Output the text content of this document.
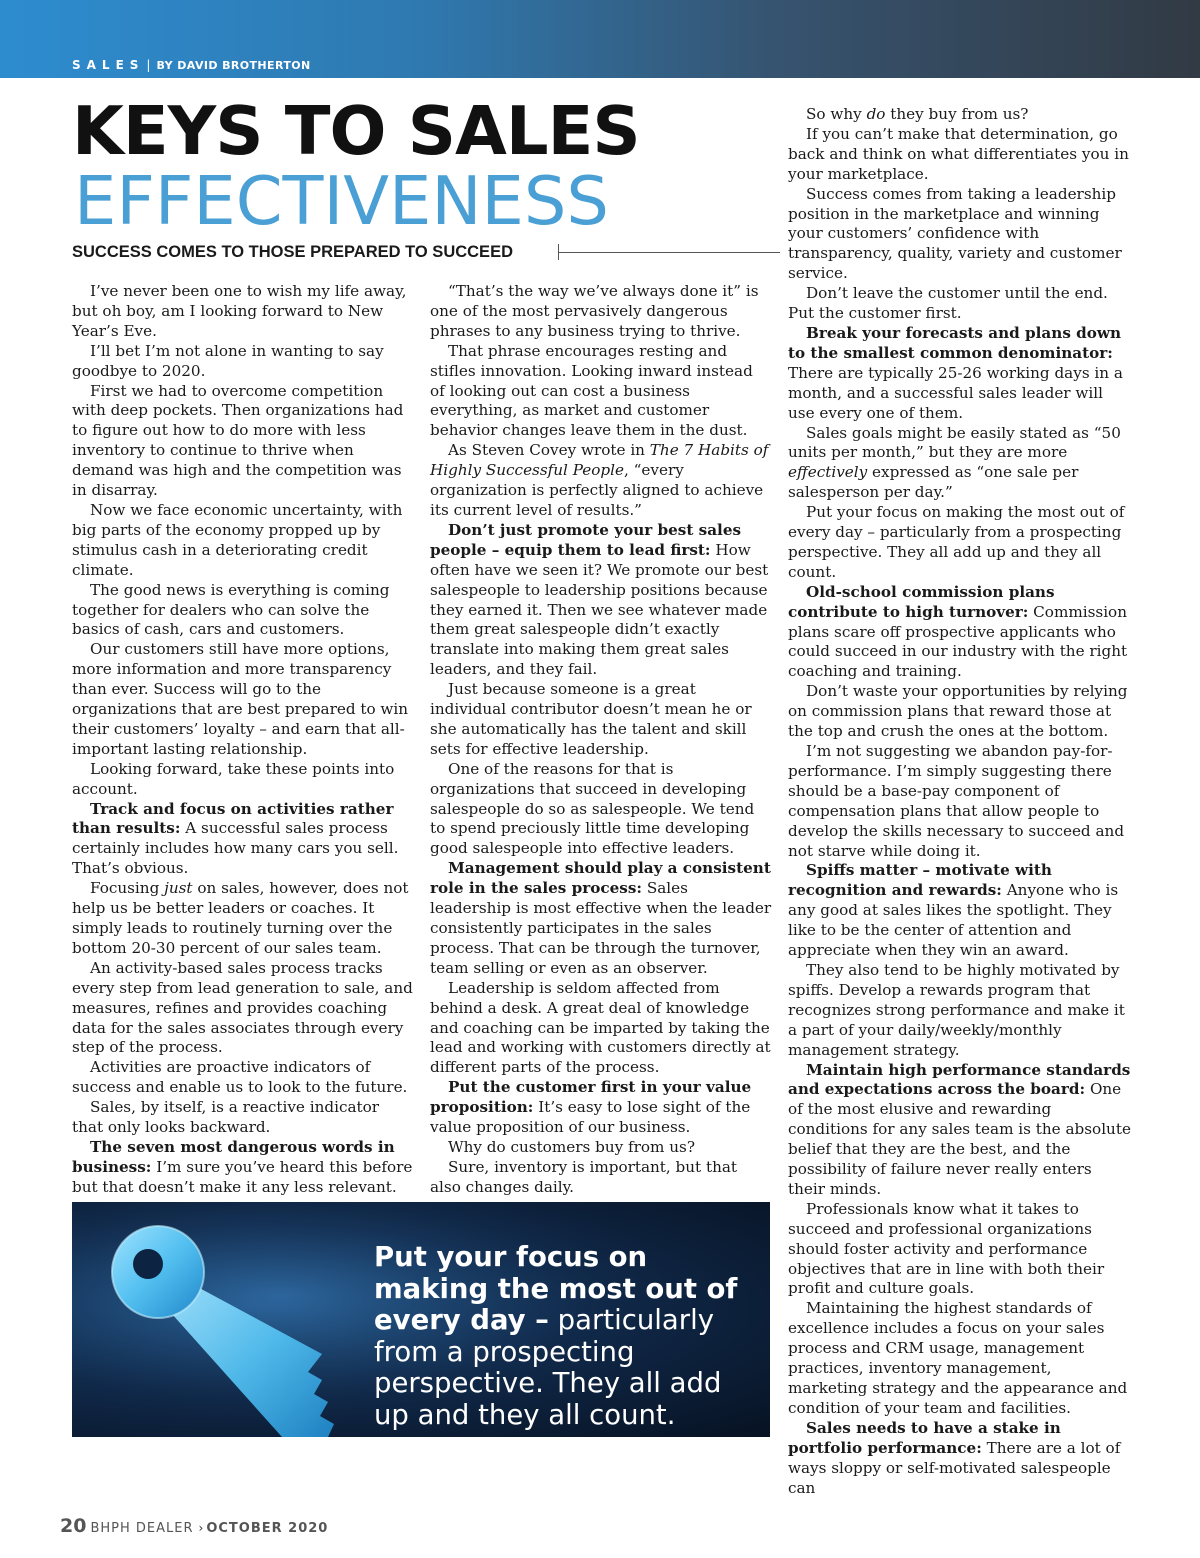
SALES | BY DAVID BROTHERTON
KEYS TO SALES
EFFECTIVENESS
SUCCESS COMES TO THOSE PREPARED TO SUCCEED

I’ve never been one to wish my life away, but oh boy, am I looking forward to New Year’s Eve.

I’ll bet I’m not alone in wanting to say goodbye to 2020.

First we had to overcome competition with deep pockets. Then organizations had to figure out how to do more with less inventory to continue to thrive when demand was high and the competition was in disarray.

Now we face economic uncertainty, with big parts of the economy propped up by stimulus cash in a deteriorating credit climate.

The good news is everything is coming together for dealers who can solve the basics of cash, cars and customers.

Our customers still have more options, more information and more transparency than ever. Success will go to the organizations that are best prepared to win their customers’ loyalty – and earn that all-important lasting relationship.

Looking forward, take these points into account.

Track and focus on activities rather than results: A successful sales process certainly includes how many cars you sell. That’s obvious.

Focusing just on sales, however, does not help us be better leaders or coaches. It simply leads to routinely turning over the bottom 20-30 percent of our sales team.

An activity-based sales process tracks every step from lead generation to sale, and measures, refines and provides coaching data for the sales associates through every step of the process.

Activities are proactive indicators of success and enable us to look to the future.

Sales, by itself, is a reactive indicator that only looks backward.

The seven most dangerous words in business: I’m sure you’ve heard this before but that doesn’t make it any less relevant.

“That’s the way we’ve always done it” is one of the most pervasively dangerous phrases to any business trying to thrive.

That phrase encourages resting and stifles innovation. Looking inward instead of looking out can cost a business everything, as market and customer behavior changes leave them in the dust.

As Steven Covey wrote in The 7 Habits of Highly Successful People, “every organization is perfectly aligned to achieve its current level of results.”

Don’t just promote your best sales people – equip them to lead first: How often have we seen it? We promote our best salespeople to leadership positions because they earned it. Then we see whatever made them great salespeople didn’t exactly translate into making them great sales leaders, and they fail.

Just because someone is a great individual contributor doesn’t mean he or she automatically has the talent and skill sets for effective leadership.

One of the reasons for that is organizations that succeed in developing salespeople do so as salespeople. We tend to spend preciously little time developing good salespeople into effective leaders.

Management should play a consistent role in the sales process: Sales leadership is most effective when the leader consistently participates in the sales process. That can be through the turnover, team selling or even as an observer.

Leadership is seldom affected from behind a desk. A great deal of knowledge and coaching can be imparted by taking the lead and working with customers directly at different parts of the process.

Put the customer first in your value proposition: It’s easy to lose sight of the value proposition of our business.

Why do customers buy from us?

Sure, inventory is important, but that also changes daily.

So why do they buy from us?

If you can’t make that determination, go back and think on what differentiates you in your marketplace.

Success comes from taking a leadership position in the marketplace and winning your customers’ confidence with transparency, quality, variety and customer service.

Don’t leave the customer until the end. Put the customer first.

Break your forecasts and plans down to the smallest common denominator: There are typically 25-26 working days in a month, and a successful sales leader will use every one of them.

Sales goals might be easily stated as “50 units per month,” but they are more effectively expressed as “one sale per salesperson per day.”

Put your focus on making the most out of every day – particularly from a prospecting perspective. They all add up and they all count.

Old-school commission plans contribute to high turnover: Commission plans scare off prospective applicants who could succeed in our industry with the right coaching and training.

Don’t waste your opportunities by relying on commission plans that reward those at the top and crush the ones at the bottom.

I’m not suggesting we abandon pay-for-performance. I’m simply suggesting there should be a base-pay component of compensation plans that allow people to develop the skills necessary to succeed and not starve while doing it.

Spiffs matter – motivate with recognition and rewards: Anyone who is any good at sales likes the spotlight. They like to be the center of attention and appreciate when they win an award.

They also tend to be highly motivated by spiffs. Develop a rewards program that recognizes strong performance and make it a part of your daily/weekly/monthly management strategy.

Maintain high performance standards and expectations across the board: One of the most elusive and rewarding conditions for any sales team is the absolute belief that they are the best, and the possibility of failure never really enters their minds.

Professionals know what it takes to succeed and professional organizations should foster activity and performance objectives that are in line with both their profit and culture goals.

Maintaining the highest standards of excellence includes a focus on your sales process and CRM usage, management practices, inventory management, marketing strategy and the appearance and condition of your team and facilities.

Sales needs to have a stake in portfolio performance: There are a lot of ways sloppy or self-motivated salespeople can

Put your focus on making the most out of every day – particularly from a prospecting perspective. They all add up and they all count.
20 BHPH DEALER › OCTOBER 2020
